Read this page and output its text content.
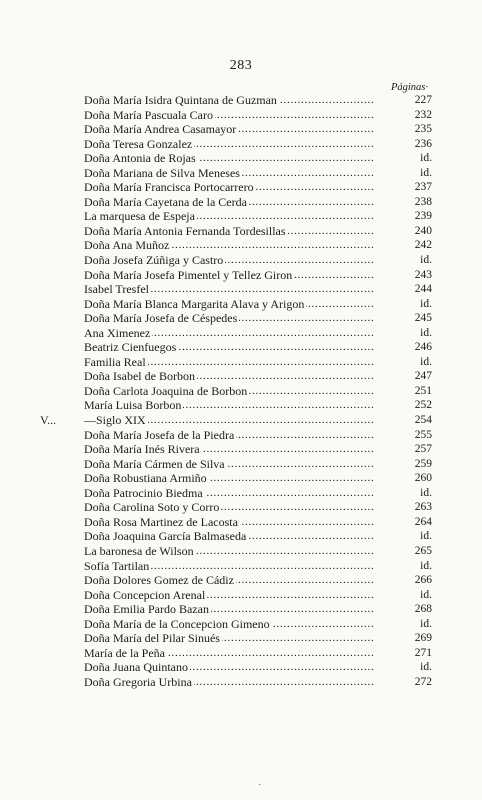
283
Páginas·
Doña María Isidra Quintana de Guzman . . .	227
Doña María Pascuala Caro . . .	232
Doña María Andrea Casamayor . . .	235
Doña Teresa Gonzalez . . .	236
Doña Antonia de Rojas . . .	id.
Doña Mariana de Silva Meneses . . .	id.
Doña María Francisca Portocarrero . . .	237
Doña María Cayetana de la Cerda . . .	238
La marquesa de Espeja . . .	239
Doña María Antonia Fernanda Tordesillas . . .	240
Doña Ana Muñoz . . .	242
Doña Josefa Zúñiga y Castro . . .	id.
Doña María Josefa Pimentel y Tellez Giron . . .	243
Isabel Tresfel . . .	244
Doña María Blanca Margarita Alava y Arigon . . .	id.
Doña María Josefa de Céspedes . . .	245
Ana Ximenez . . .	id.
Beatriz Cienfuegos . . .	246
Familia Real . . .	id.
Doña Isabel de Borbon . . .	247
Doña Carlota Joaquina de Borbon . . .	251
María Luisa Borbon . . .	252
V...	—Siglo XIX . . .	254
Doña María Josefa de la Piedra . . .	255
Doña María Inés Rivera . . .	257
Doña María Cármen de Silva . . .	259
Doña Robustiana Armiño . . .	260
Doña Patrocinio Biedma . . .	id.
Doña Carolina Soto y Corro . . .	263
Doña Rosa Martinez de Lacosta . . .	264
Doña Joaquina García Balmaseda . . .	id.
La baronesa de Wilson . . .	265
Sofía Tartilan . . .	id.
Doña Dolores Gomez de Cádiz . . .	266
Doña Concepcion Arenal . . .	id.
Doña Emilia Pardo Bazan . . .	268
Doña María de la Concepcion Gimeno . . .	id.
Doña María del Pilar Sinués . . .	269
María de la Peña . . .	271
Doña Juana Quintano . . .	id.
Doña Gregoria Urbina . . .	272
·
